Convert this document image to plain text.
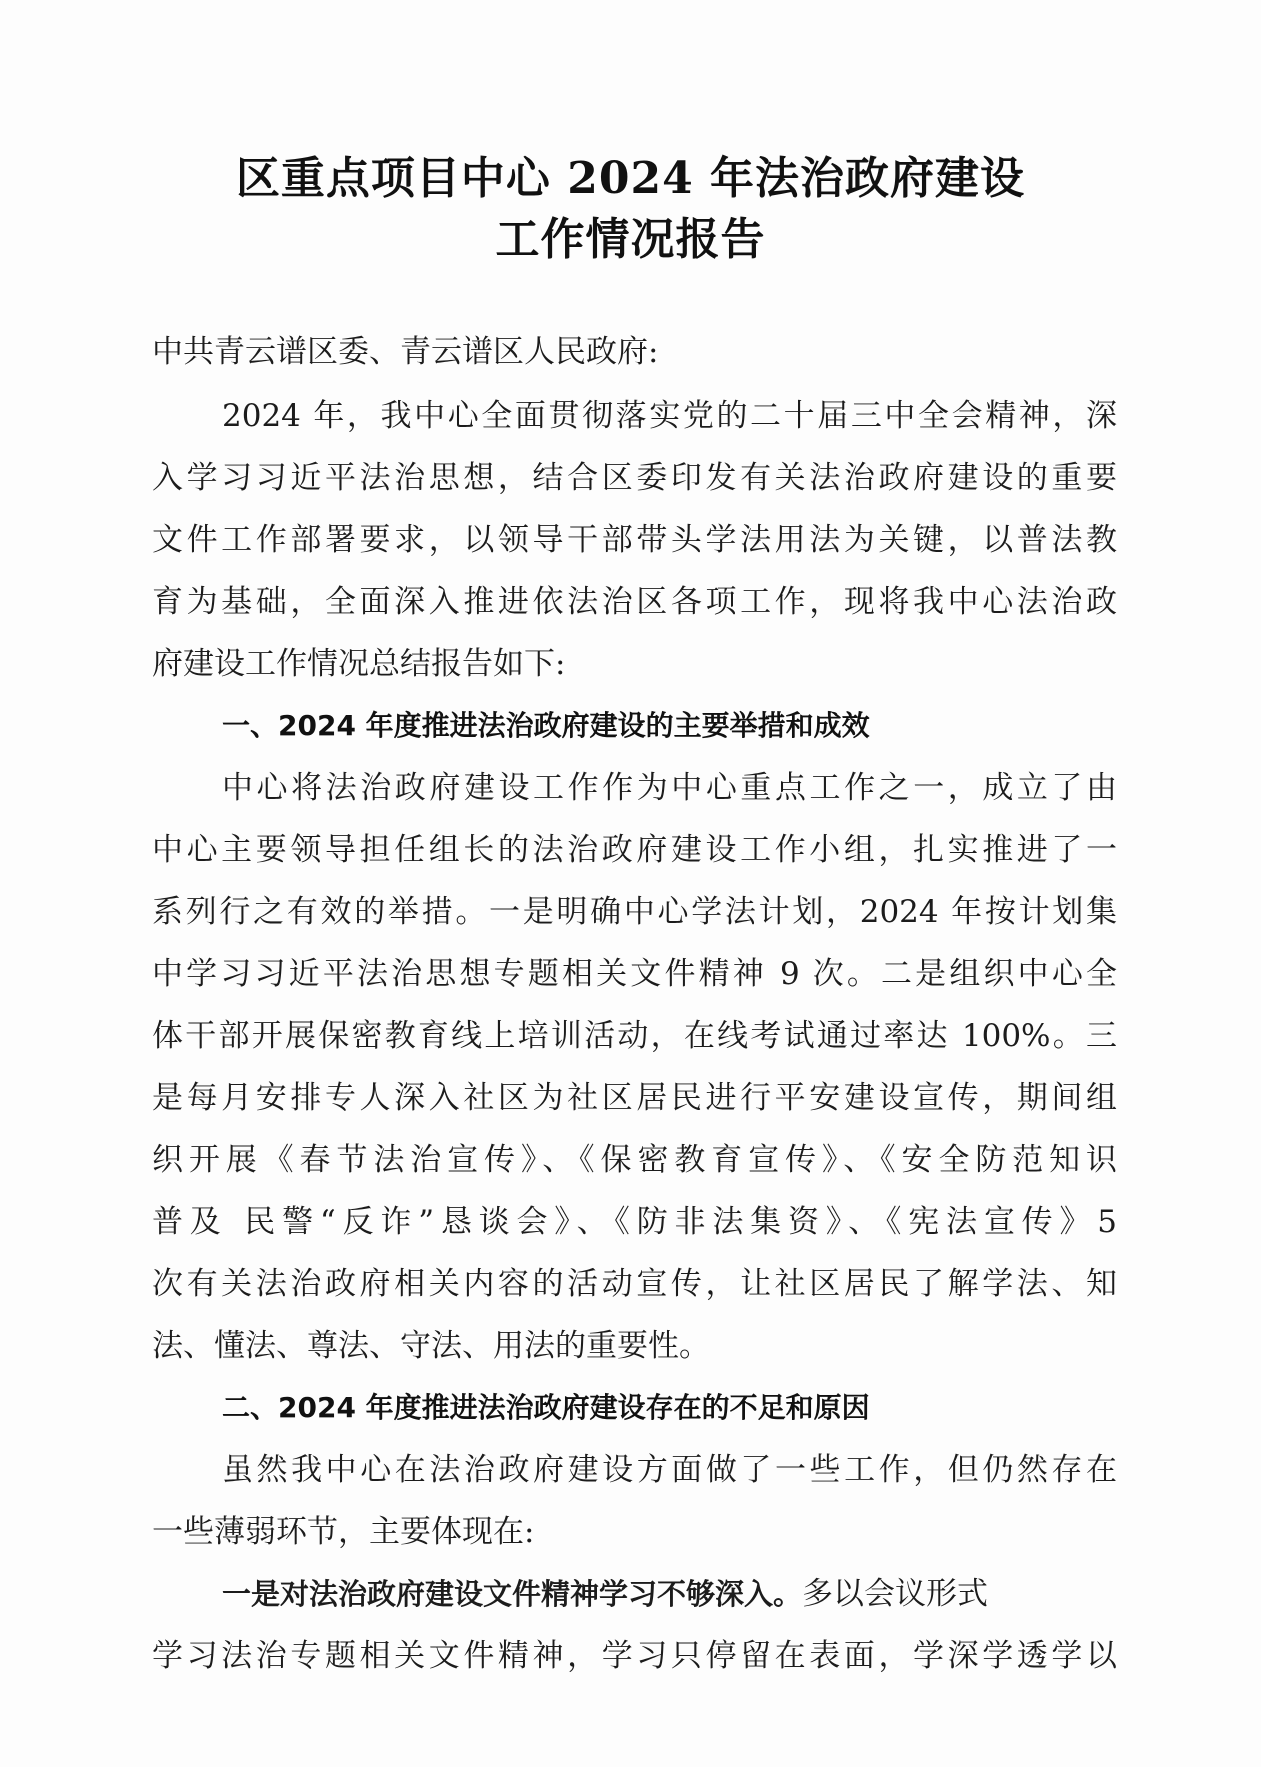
区重点项目中心 2024 年法治政府建设
工作情况报告
中共青云谱区委、青云谱区人民政府:
2024 年，我中心全面贯彻落实党的二十届三中全会精神，深
入学习习近平法治思想，结合区委印发有关法治政府建设的重要
文件工作部署要求，以领导干部带头学法用法为关键，以普法教
育为基础，全面深入推进依法治区各项工作，现将我中心法治政
府建设工作情况总结报告如下:
一、2024 年度推进法治政府建设的主要举措和成效
中心将法治政府建设工作作为中心重点工作之一，成立了由
中心主要领导担任组长的法治政府建设工作小组，扎实推进了一
系列行之有效的举措。一是明确中心学法计划，2024 年按计划集
中学习习近平法治思想专题相关文件精神 9 次。二是组织中心全
体干部开展保密教育线上培训活动，在线考试通过率达 100%。三
是每月安排专人深入社区为社区居民进行平安建设宣传，期间组
织开展《春节法治宣传》、《保密教育宣传》、《安全防范知识
普及 民警“反诈”恳谈会》、《防非法集资》、《宪法宣传》5
次有关法治政府相关内容的活动宣传，让社区居民了解学法、知
法、懂法、尊法、守法、用法的重要性。
二、2024 年度推进法治政府建设存在的不足和原因
虽然我中心在法治政府建设方面做了一些工作，但仍然存在
一些薄弱环节，主要体现在:
一是对法治政府建设文件精神学习不够深入。多以会议形式
学习法治专题相关文件精神，学习只停留在表面，学深学透学以
